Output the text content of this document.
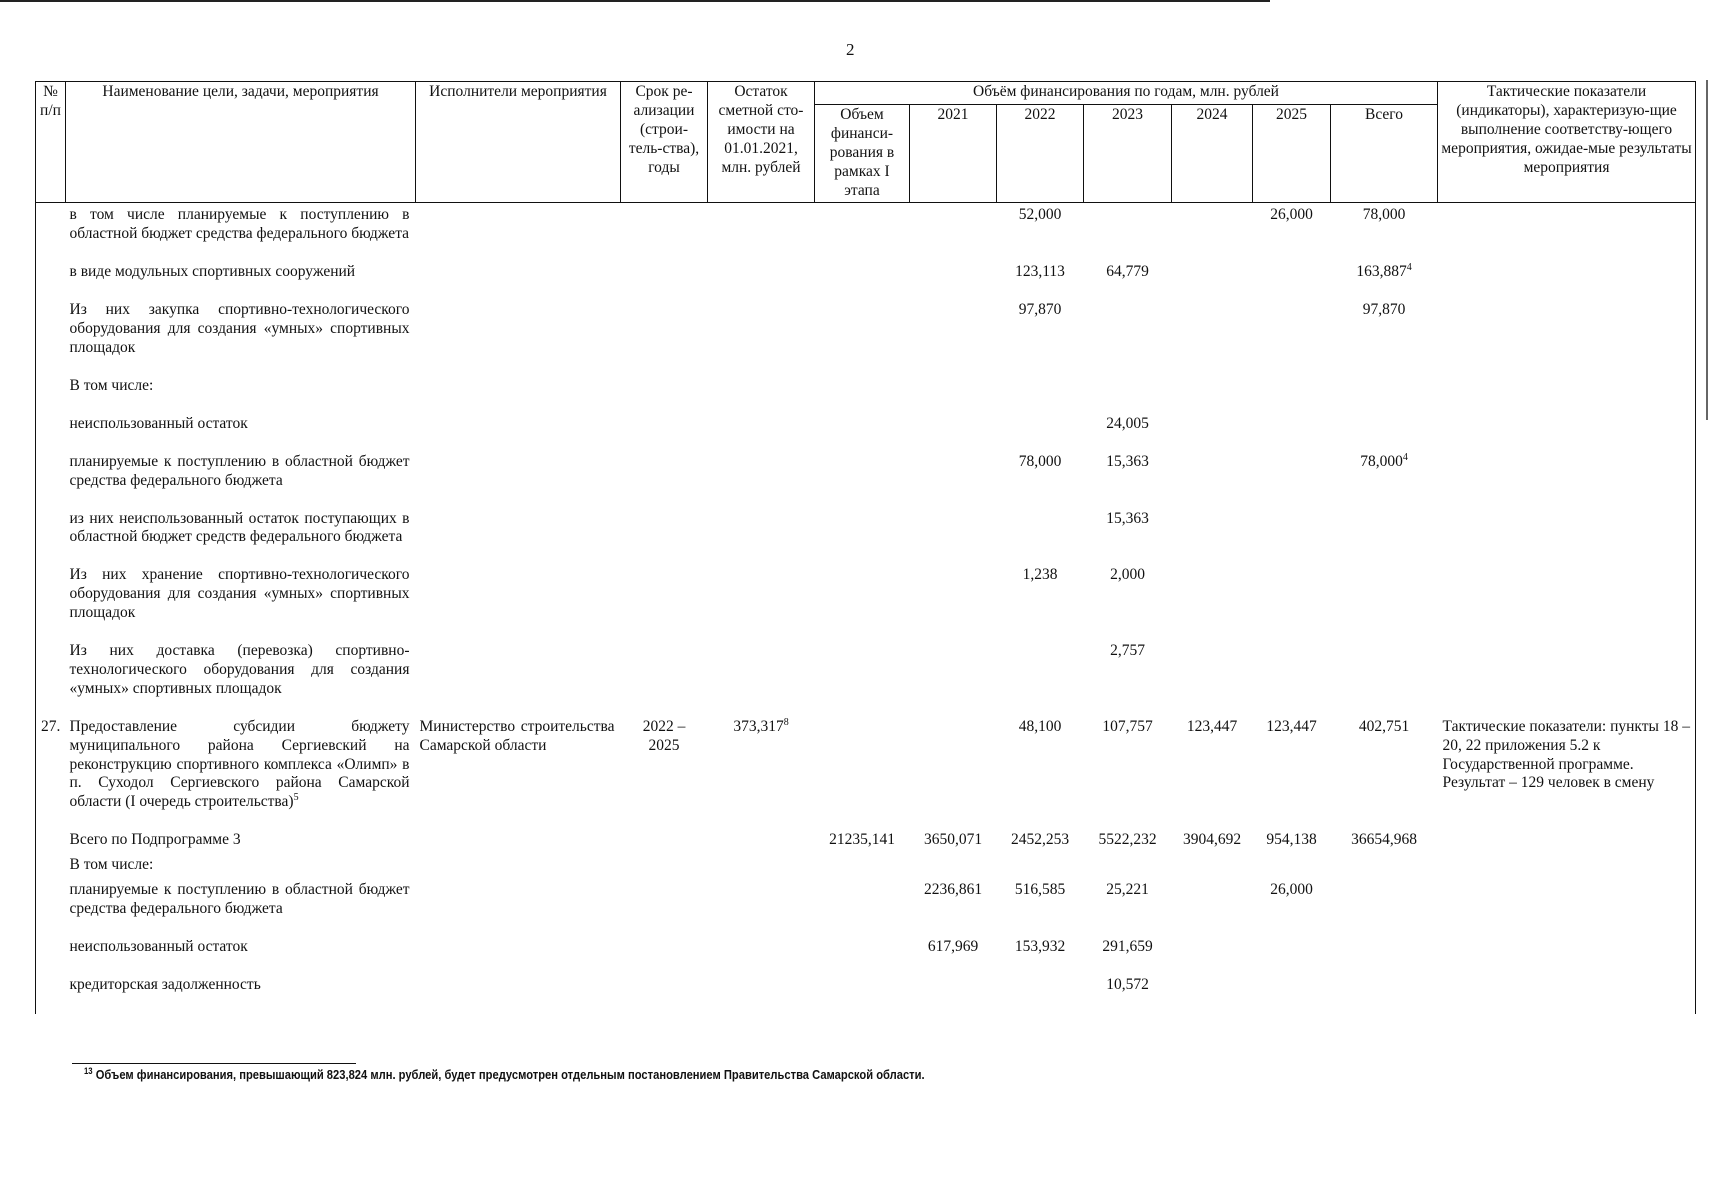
2
№ п/п	Наименование цели, задачи, мероприятия	Исполнители мероприятия	Срок ре-ализации (строи-тель-ства), годы	Остаток сметной сто-имости на 01.01.2021, млн. рублей	Объём финансирования по годам, млн. рублей							Тактические показатели (индикаторы), характеризую-щие выполнение соответству-ющего мероприятия, ожидае-мые результаты мероприятия
					Объем финанси-рования в рамках I этапа	2021	2022	2023	2024	2025	Всего	
	в том числе планируемые к поступлению в областной бюджет средства федерального бюджета						52,000			26,000	78,000	
	в виде модульных спортивных сооружений						123,113	64,779			163,887$^4$	
	Из них закупка спортивно-технологического оборудования для создания «умных» спортивных площадок						97,870				97,870	
	В том числе:											
	неиспользованный остаток							24,005				
	планируемые к поступлению в областной бюджет средства федерального бюджета						78,000	15,363			78,000$^4$	
	из них неиспользованный остаток поступающих в областной бюджет средств федерального бюджета							15,363				
	Из них хранение спортивно-технологического оборудования для создания «умных» спортивных площадок						1,238	2,000				
	Из них доставка (перевозка) спортивно-технологического оборудования для создания «умных» спортивных площадок							2,757				
27.	Предоставление субсидии бюджету муниципального района Сергиевский на реконструкцию спортивного комплекса «Олимп» в п. Суходол Сергиевского района Самарской области (I очередь строительства)$^5$	Министерство строительства Самарской области	2022 – 2025	373,317$^8$			48,100	107,757	123,447	123,447	402,751	Тактические показатели: пункты 18 – 20, 22 приложения 5.2 к Государственной программе. Результат – 129 человек в смену
	Всего по Подпрограмме 3				21235,141	3650,071	2452,253	5522,232	3904,692	954,138	36654,968	
	В том числе:											
	планируемые к поступлению в областной бюджет средства федерального бюджета					2236,861	516,585	25,221		26,000		
	неиспользованный остаток					617,969	153,932	291,659				
	кредиторская задолженность							10,572				
$^{13}$ Объем финансирования, превышающий 823,824 млн. рублей, будет предусмотрен отдельным постановлением Правительства Самарской области.
